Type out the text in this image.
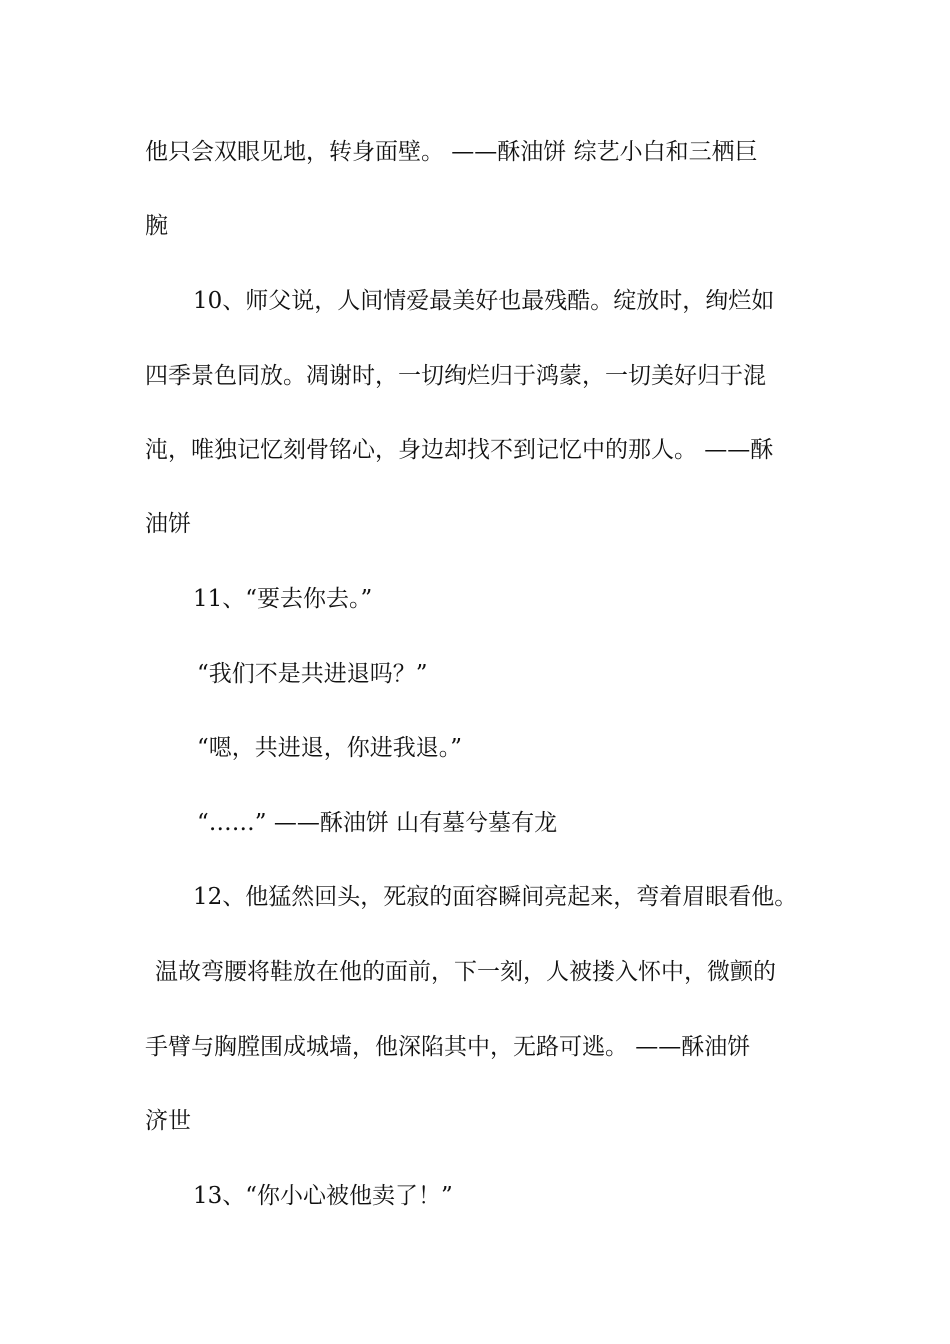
他只会双眼见地，转身面壁。 ——酥油饼 综艺小白和三栖巨
腕
10、师父说，人间情爱最美好也最残酷。绽放时，绚烂如
四季景色同放。凋谢时，一切绚烂归于鸿蒙，一切美好归于混
沌，唯独记忆刻骨铭心，身边却找不到记忆中的那人。 ——酥
油饼
11、“要去你去。”
“我们不是共进退吗？”
“嗯，共进退，你进我退。”
“……” ——酥油饼 山有墓兮墓有龙
12、他猛然回头，死寂的面容瞬间亮起来，弯着眉眼看他。
温故弯腰将鞋放在他的面前，下一刻，人被搂入怀中，微颤的
手臂与胸膛围成城墙，他深陷其中，无路可逃。 ——酥油饼
济世
13、“你小心被他卖了！”
